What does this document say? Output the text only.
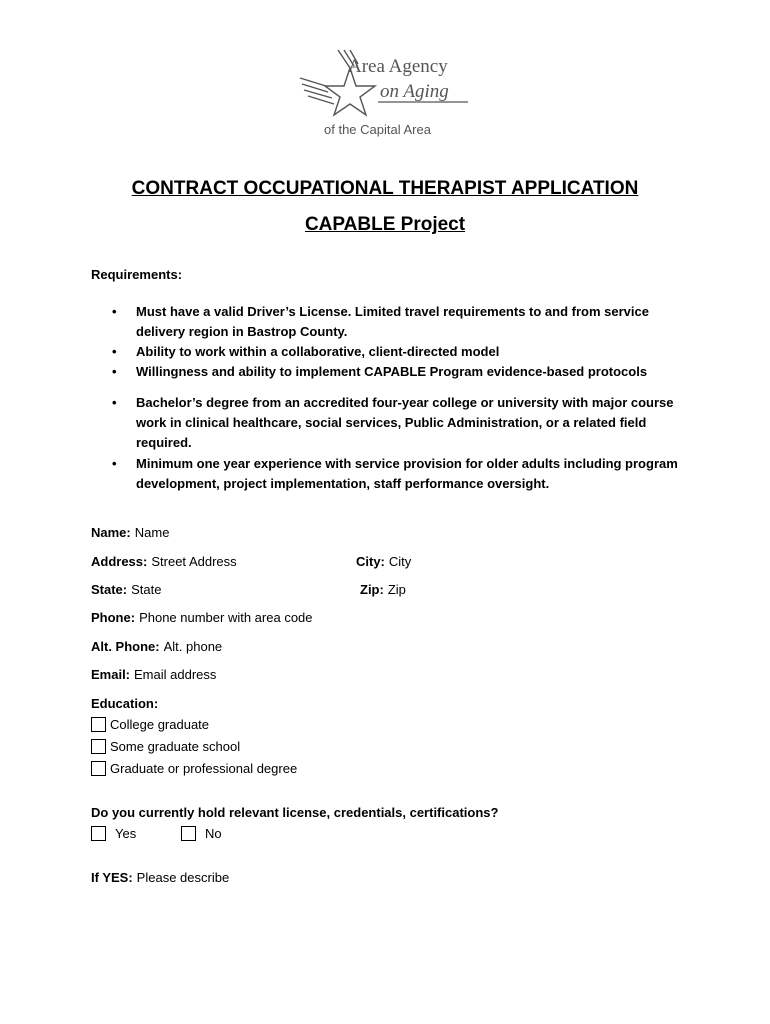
Area Agency
on Aging
of the Capital Area
CONTRACT OCCUPATIONAL THERAPIST APPLICATION
CAPABLE Project
Requirements:
• Must have a valid Driver’s License. Limited travel requirements to and from service delivery region in Bastrop County.
• Ability to work within a collaborative, client-directed model
• Willingness and ability to implement CAPABLE Program evidence-based protocols
• Bachelor’s degree from an accredited four-year college or university with major course work in clinical healthcare, social services, Public Administration, or a related field required.
• Minimum one year experience with service provision for older adults including program development, project implementation, staff performance oversight.
Name: Name
Address: Street Address	City: City
State: State	Zip: Zip
Phone: Phone number with area code
Alt. Phone: Alt. phone
Email: Email address
Education:
College graduate
Some graduate school
Graduate or professional degree
Do you currently hold relevant license, credentials, certifications?
Yes	No
If YES: Please describe
